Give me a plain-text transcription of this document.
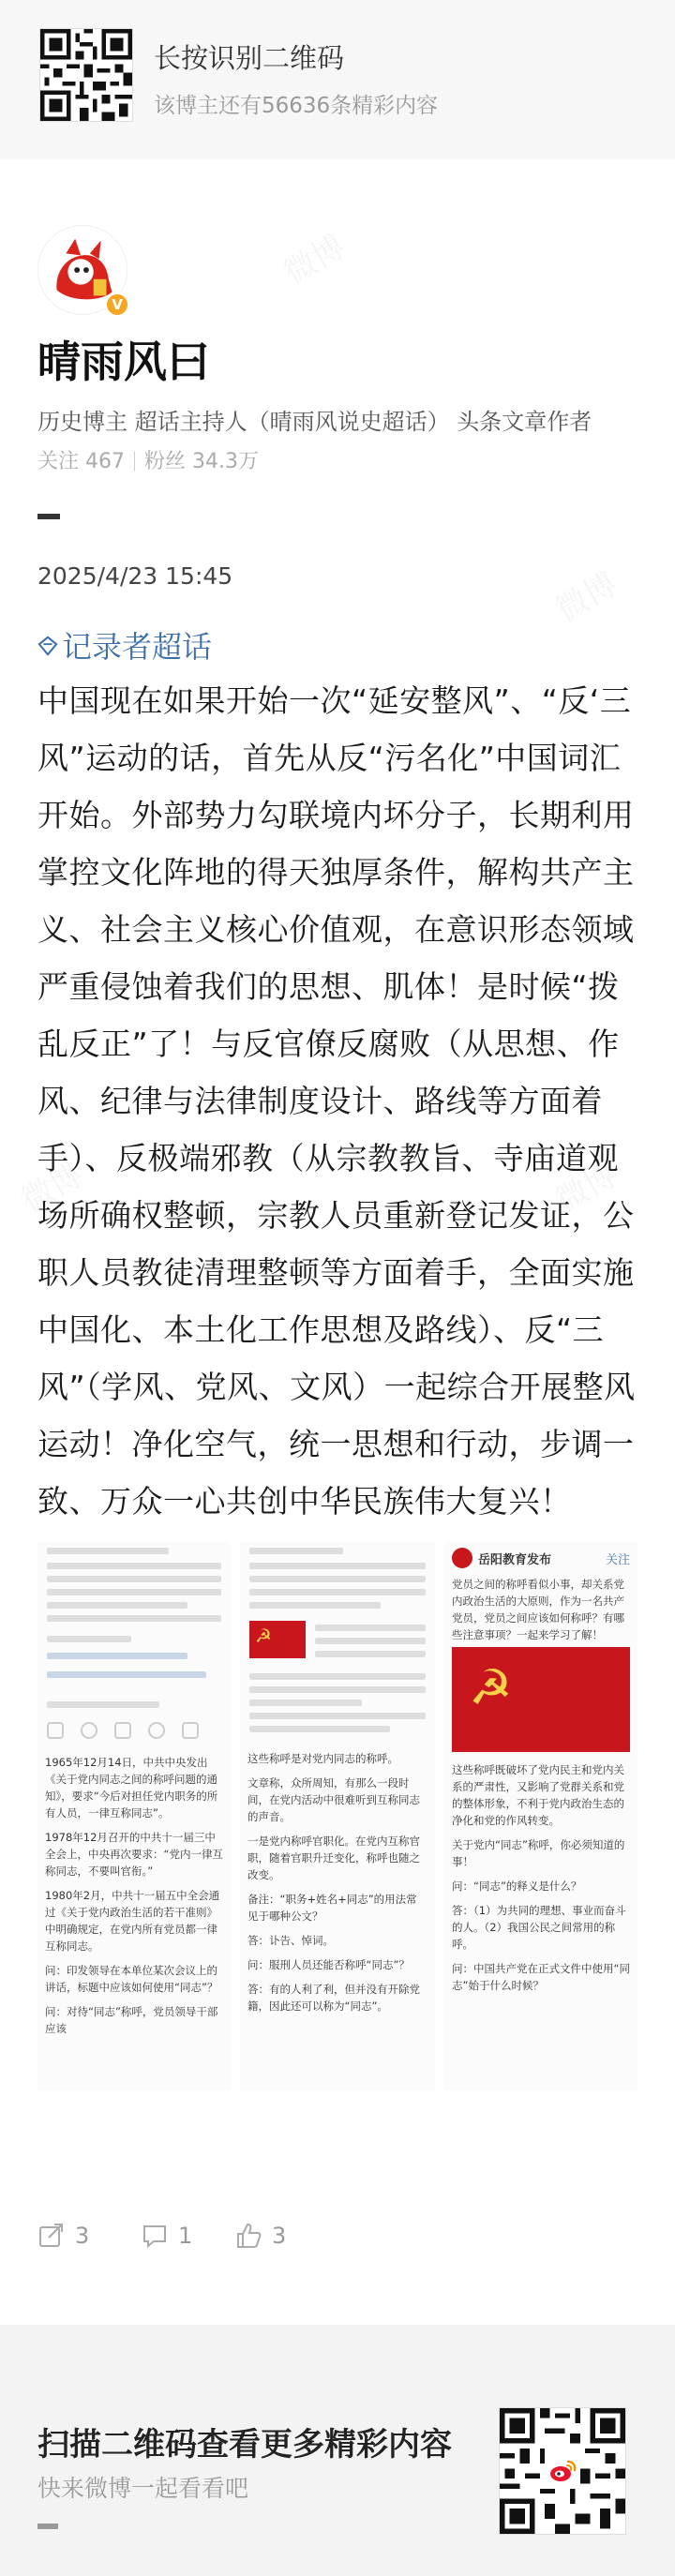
长按识别二维码
该博主还有56636条精彩内容
V
晴雨风曰
历史博主 超话主持人（晴雨风说史超话） 头条文章作者
关注 467 粉丝 34.3万
2025/4/23 15:45
记录者超话
中国现在如果开始一次“延安整风”、“反‘三风”运动的话，首先从反“污名化”中国词汇开始。外部势力勾联境内坏分子，长期利用掌控文化阵地的得天独厚条件，解构共产主义、社会主义核心价值观，在意识形态领域严重侵蚀着我们的思想、肌体！是时候“拨乱反正”了！与反官僚反腐败（从思想、作风、纪律与法律制度设计、路线等方面着手）、反极端邪教（从宗教教旨、寺庙道观场所确权整顿，宗教人员重新登记发证，公职人员教徒清理整顿等方面着手，全面实施中国化、本土化工作思想及路线）、反“三风”（学风、党风、文风）一起综合开展整风运动！净化空气，统一思想和行动，步调一致、万众一心共创中华民族伟大复兴！

1965年12月14日，中共中央发出《关于党内同志之间的称呼问题的通知》，要求“今后对担任党内职务的所有人员，一律互称同志”。

1978年12月召开的中共十一届三中全会上，中央再次要求：“党内一律互称同志，不要叫官衔。”

1980年2月，中共十一届五中全会通过《关于党内政治生活的若干准则》中明确规定，在党内所有党员都一律互称同志。

问：印发领导在本单位某次会议上的讲话，标题中应该如何使用“同志”？

问：对待“同志”称呼，党员领导干部应该

☭

这些称呼是对党内同志的称呼。

文章称，众所周知，有那么一段时间，在党内活动中很难听到互称同志的声音。

一是党内称呼官职化。在党内互称官职，随着官职升迁变化，称呼也随之改变。

备注：“职务+姓名+同志”的用法常见于哪种公文？

答：讣告、悼词。

问：服刑人员还能否称呼“同志”？

答：有的人利了利，但并没有开除党籍，因此还可以称为“同志”。

岳阳教育发布	关注

党员之间的称呼看似小事，却关系党内政治生活的大原则，作为一名共产党员，党员之间应该如何称呼？有哪些注意事项？一起来学习了解！

☭

这些称呼既破坏了党内民主和党内关系的严肃性，又影响了党群关系和党的整体形象，不利于党内政治生态的净化和党的作风转变。

关于党内“同志”称呼，你必须知道的事！

问：“同志”的释义是什么？

答：（1）为共同的理想、事业而奋斗的人。（2）我国公民之间常用的称呼。

问：中国共产党在正式文件中使用“同志”始于什么时候？

3	1	3
扫描二维码查看更多精彩内容
快来微博一起看看吧
